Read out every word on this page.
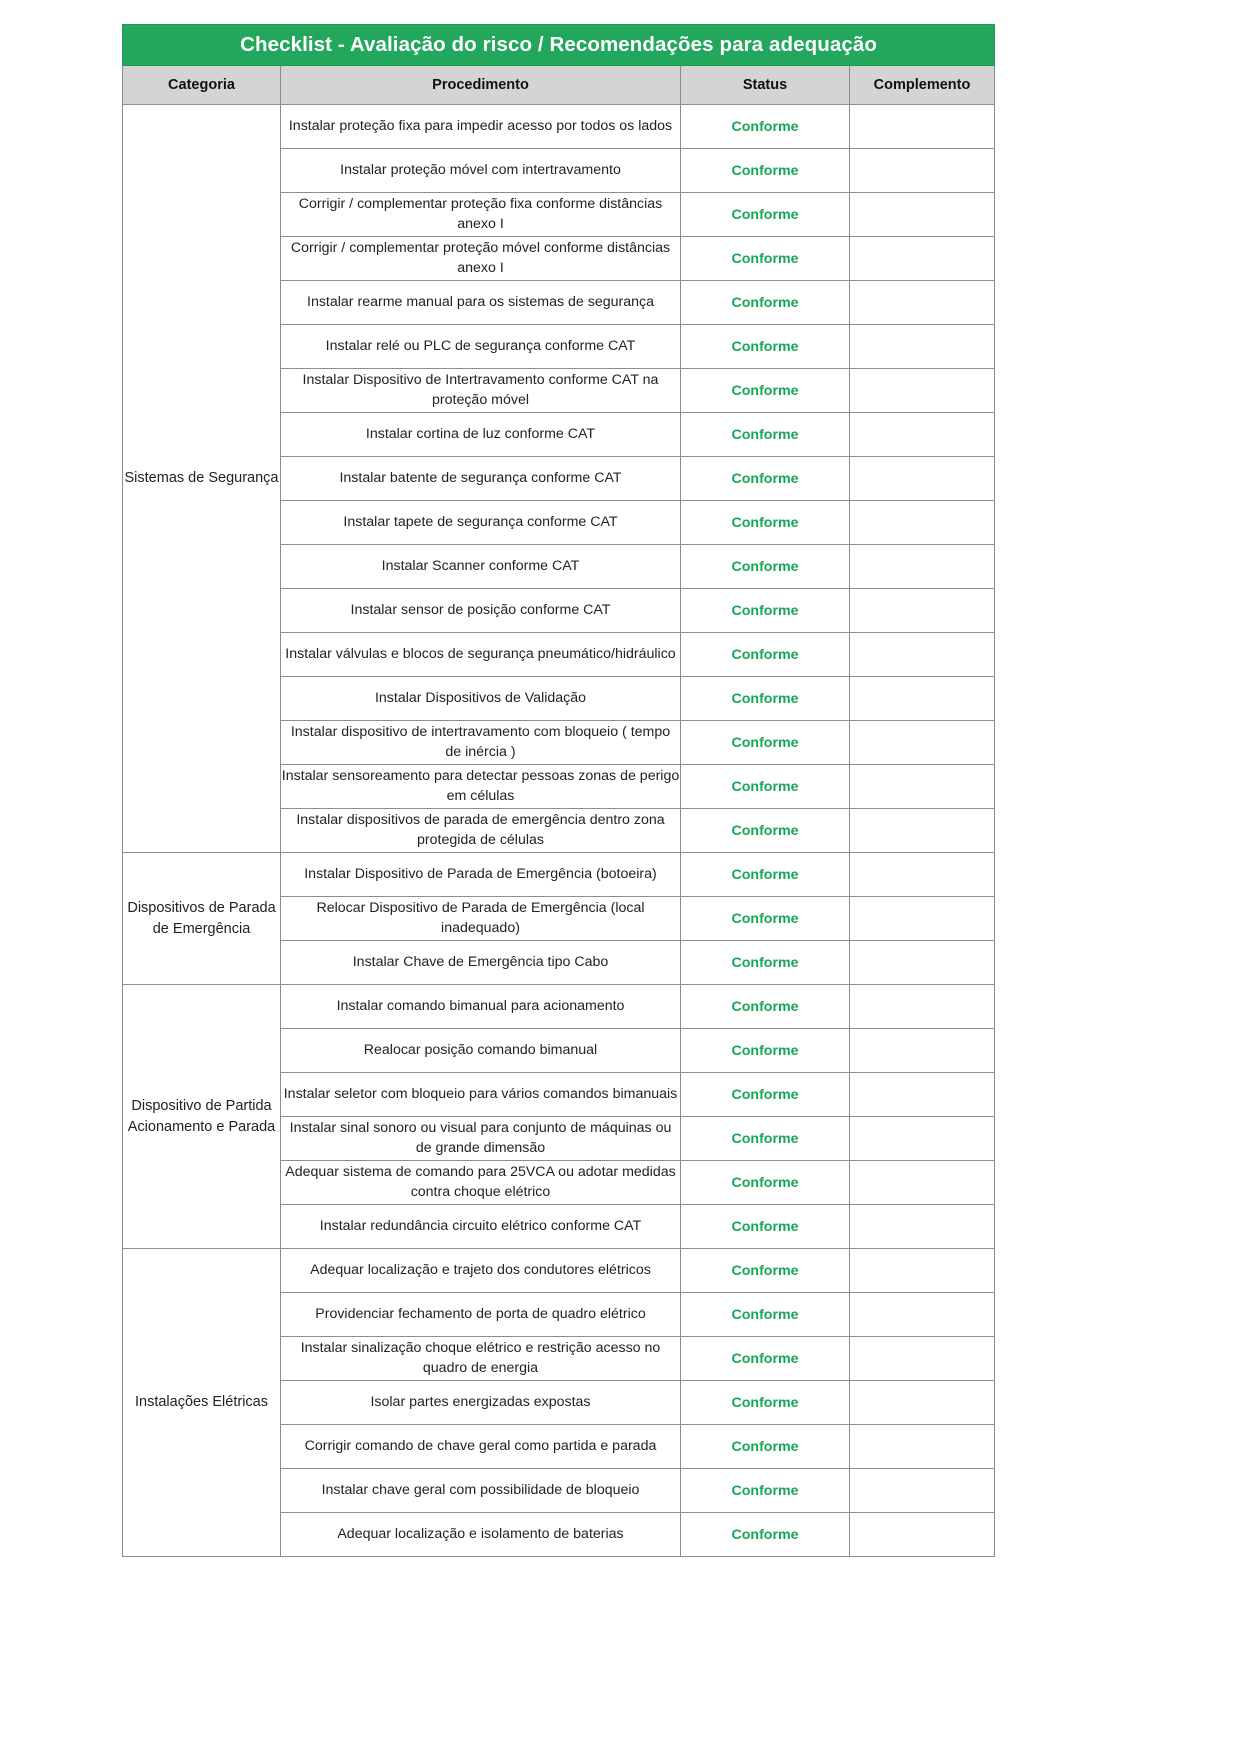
Checklist - Avaliação do risco / Recomendações para adequação			
Categoria	Procedimento	Status	Complemento
Sistemas de Segurança	Instalar proteção fixa para impedir acesso por todos os lados	Conforme	
	Instalar proteção móvel com intertravamento	Conforme	
	Corrigir / complementar proteção fixa conforme distâncias anexo I	Conforme	
	Corrigir / complementar proteção móvel conforme distâncias anexo I	Conforme	
	Instalar rearme manual para os sistemas de segurança	Conforme	
	Instalar relé ou PLC de segurança conforme CAT	Conforme	
	Instalar Dispositivo de Intertravamento conforme CAT na proteção móvel	Conforme	
	Instalar cortina de luz conforme CAT	Conforme	
	Instalar batente de segurança conforme CAT	Conforme	
	Instalar tapete de segurança conforme CAT	Conforme	
	Instalar Scanner conforme CAT	Conforme	
	Instalar sensor de posição conforme CAT	Conforme	
	Instalar válvulas e blocos de segurança pneumático/hidráulico	Conforme	
	Instalar Dispositivos de Validação	Conforme	
	Instalar dispositivo de intertravamento com bloqueio ( tempo de inércia )	Conforme	
	Instalar sensoreamento para detectar pessoas zonas de perigo em células	Conforme	
	Instalar dispositivos de parada de emergência dentro zona protegida de células	Conforme	
Dispositivos de Parada de Emergência	Instalar Dispositivo de Parada de Emergência (botoeira)	Conforme	
	Relocar Dispositivo de Parada de Emergência (local inadequado)	Conforme	
	Instalar Chave de Emergência tipo Cabo	Conforme	
Dispositivo de Partida Acionamento e Parada	Instalar comando bimanual para acionamento	Conforme	
	Realocar posição comando bimanual	Conforme	
	Instalar seletor com bloqueio para vários comandos bimanuais	Conforme	
	Instalar sinal sonoro ou visual para conjunto de máquinas ou de grande dimensão	Conforme	
	Adequar sistema de comando para 25VCA ou adotar medidas contra choque elétrico	Conforme	
	Instalar redundância circuito elétrico conforme CAT	Conforme	
Instalações Elétricas	Adequar localização e trajeto dos condutores elétricos	Conforme	
	Providenciar fechamento de porta de quadro elétrico	Conforme	
	Instalar sinalização choque elétrico e restrição acesso no quadro de energia	Conforme	
	Isolar partes energizadas expostas	Conforme	
	Corrigir comando de chave geral como partida e parada	Conforme	
	Instalar chave geral com possibilidade de bloqueio	Conforme	
	Adequar localização e isolamento de baterias	Conforme	
